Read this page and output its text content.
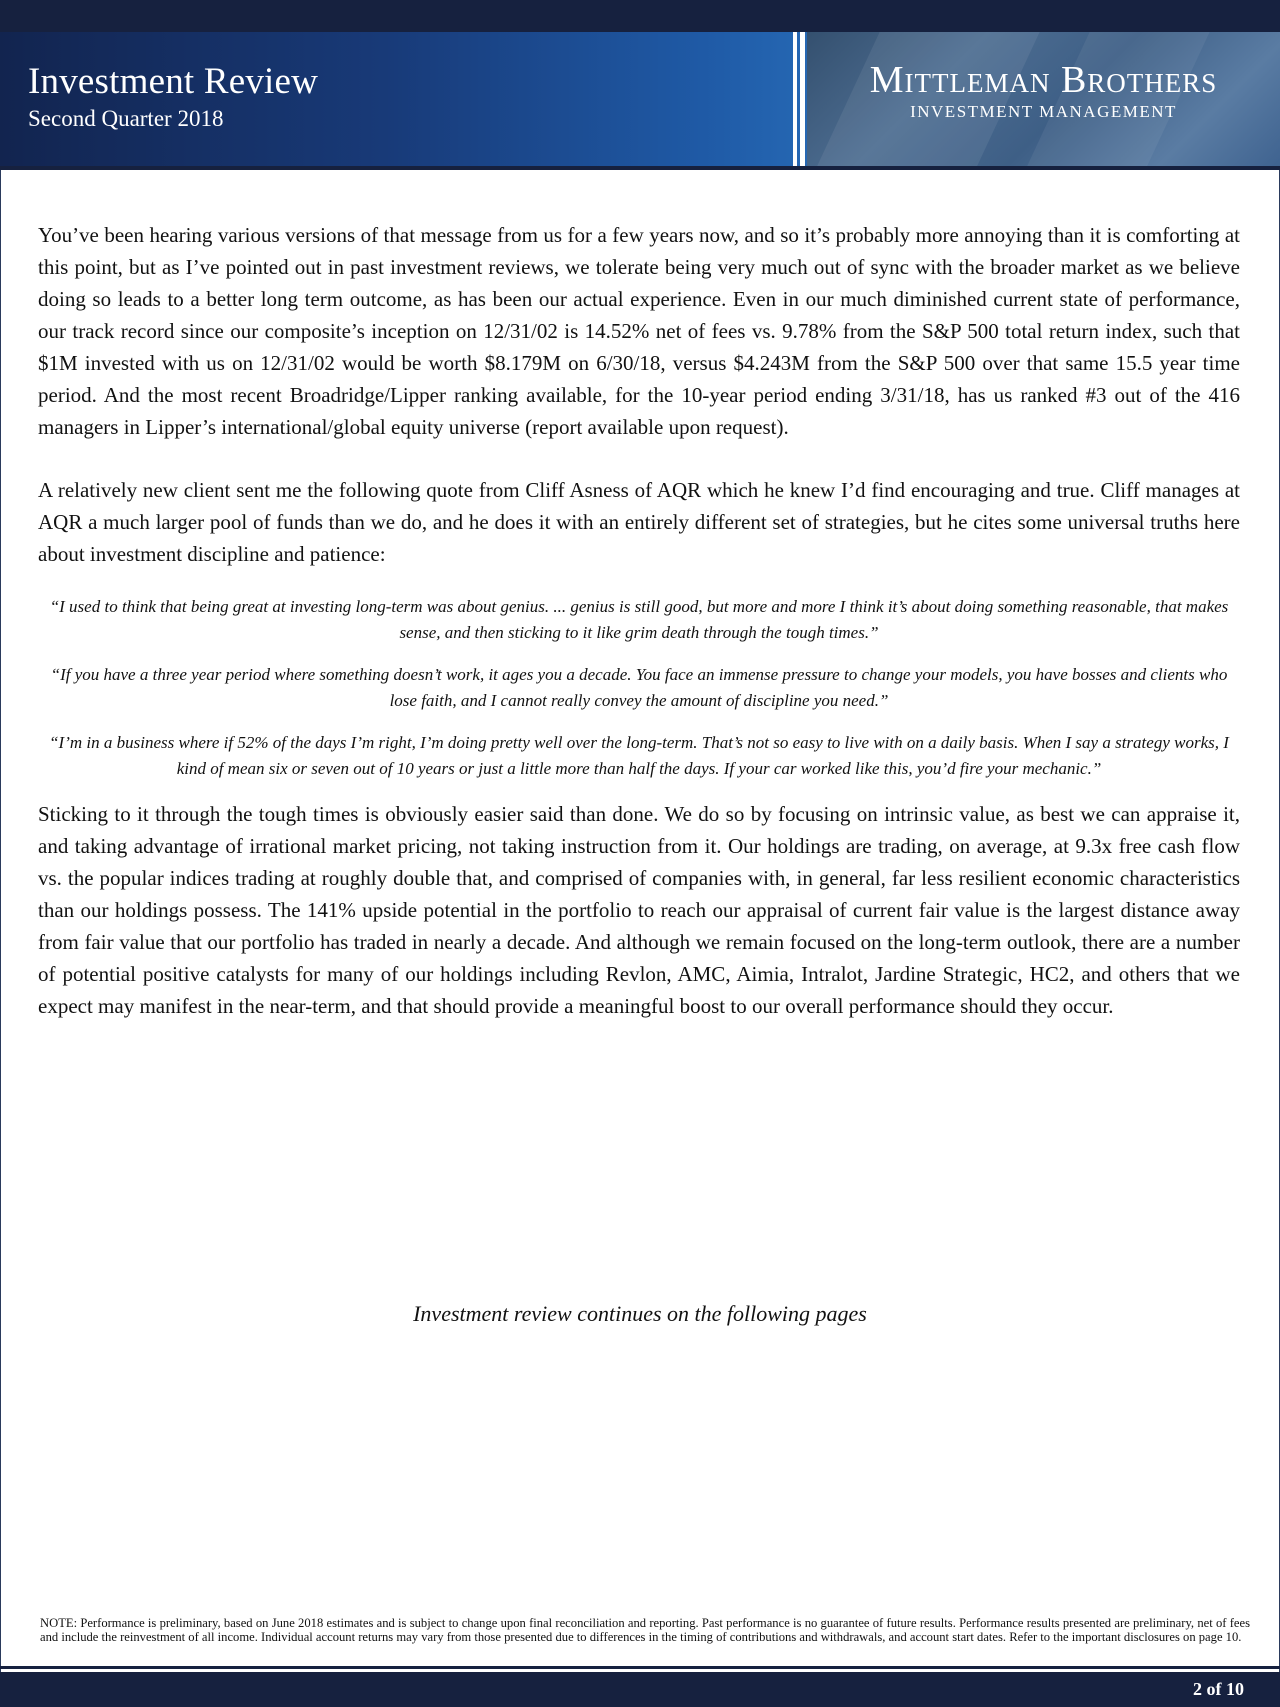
Investment Review
Second Quarter 2018
Mittleman Brothers
INVESTMENT MANAGEMENT

You’ve been hearing various versions of that message from us for a few years now, and so it’s probably more annoying than it is comforting at this point, but as I’ve pointed out in past investment reviews, we tolerate being very much out of sync with the broader market as we believe doing so leads to a better long term outcome, as has been our actual experience. Even in our much diminished current state of performance, our track record since our composite’s inception on 12/31/02 is 14.52% net of fees vs. 9.78% from the S&P 500 total return index, such that $1M invested with us on 12/31/02 would be worth $8.179M on 6/30/18, versus $4.243M from the S&P 500 over that same 15.5 year time period. And the most recent Broadridge/Lipper ranking available, for the 10-year period ending 3/31/18, has us ranked #3 out of the 416 managers in Lipper’s international/global equity universe (report available upon request).

A relatively new client sent me the following quote from Cliff Asness of AQR which he knew I’d find encouraging and true. Cliff manages at AQR a much larger pool of funds than we do, and he does it with an entirely different set of strategies, but he cites some universal truths here about investment discipline and patience:

“I used to think that being great at investing long-term was about genius. ... genius is still good, but more and more I think it’s about doing something reasonable, that makes sense, and then sticking to it like grim death through the tough times.”

“If you have a three year period where something doesn’t work, it ages you a decade. You face an immense pressure to change your models, you have bosses and clients who lose faith, and I cannot really convey the amount of discipline you need.”

“I’m in a business where if 52% of the days I’m right, I’m doing pretty well over the long-term. That’s not so easy to live with on a daily basis. When I say a strategy works, I kind of mean six or seven out of 10 years or just a little more than half the days. If your car worked like this, you’d fire your mechanic.”

Sticking to it through the tough times is obviously easier said than done. We do so by focusing on intrinsic value, as best we can appraise it, and taking advantage of irrational market pricing, not taking instruction from it. Our holdings are trading, on average, at 9.3x free cash flow vs. the popular indices trading at roughly double that, and comprised of companies with, in general, far less resilient economic characteristics than our holdings possess. The 141% upside potential in the portfolio to reach our appraisal of current fair value is the largest distance away from fair value that our portfolio has traded in nearly a decade. And although we remain focused on the long-term outlook, there are a number of potential positive catalysts for many of our holdings including Revlon, AMC, Aimia, Intralot, Jardine Strategic, HC2, and others that we expect may manifest in the near-term, and that should provide a meaningful boost to our overall performance should they occur.

Investment review continues on the following pages
NOTE: Performance is preliminary, based on June 2018 estimates and is subject to change upon final reconciliation and reporting. Past performance is no guarantee of future results. Performance results presented are preliminary, net of fees and include the reinvestment of all income. Individual account returns may vary from those presented due to differences in the timing of contributions and withdrawals, and account start dates. Refer to the important disclosures on page 10.
2 of 10
